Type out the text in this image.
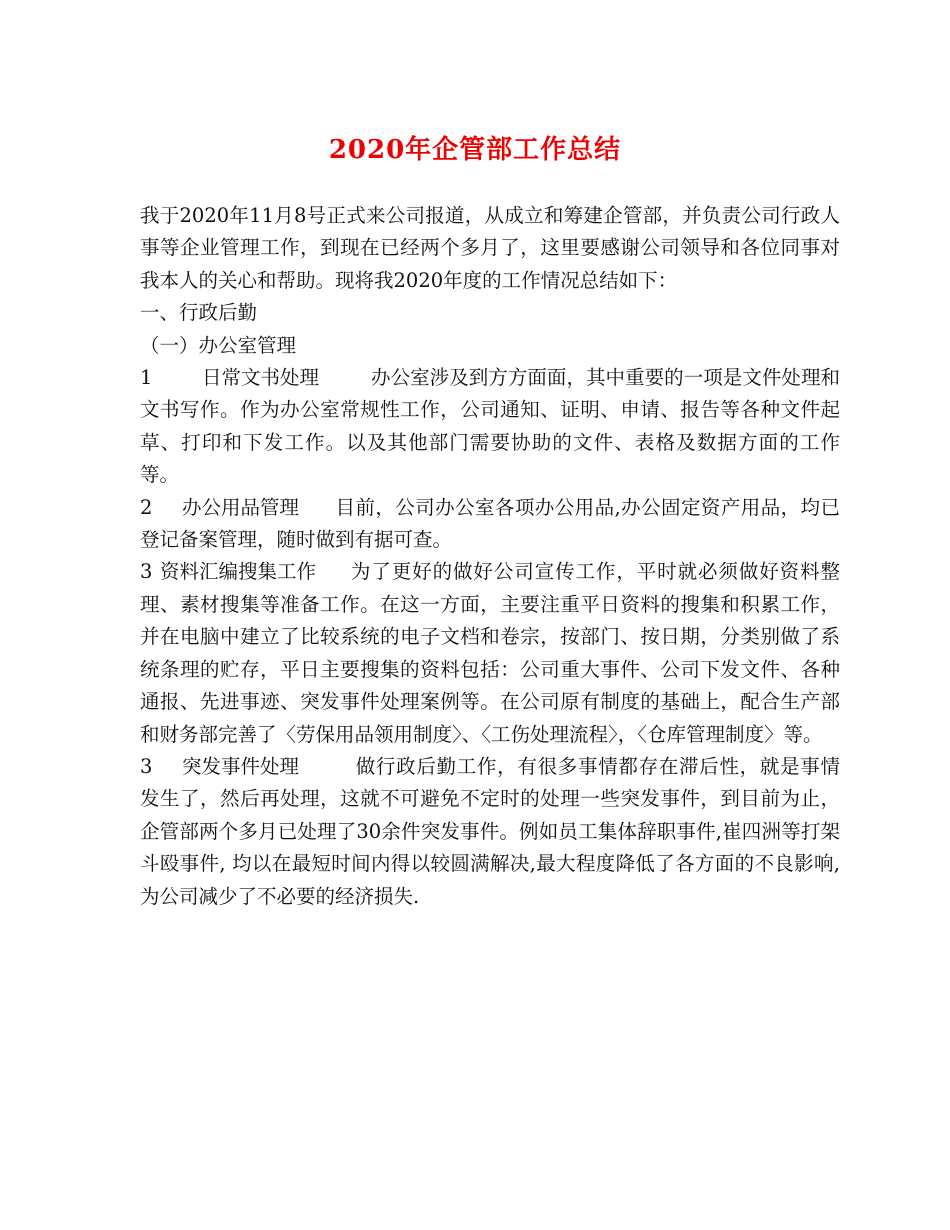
2020年企管部工作总结

我于2020年11月8号正式来公司报道，从成立和筹建企管部，并负责公司行政人事等企业管理工作，到现在已经两个多月了，这里要感谢公司领导和各位同事对我本人的关心和帮助。现将我2020年度的工作情况总结如下：

一、行政后勤

（一）办公室管理

1	日常文书处理	办公室涉及到方方面面，其中重要的一项是文件处理和文书写作。作为办公室常规性工作，公司通知、证明、申请、报告等各种文件起草、打印和下发工作。以及其他部门需要协助的文件、表格及数据方面的工作等。

2 办公用品管理 目前，公司办公室各项办公用品,办公固定资产用品，均已登记备案管理，随时做到有据可查。

3 资料汇编搜集工作 为了更好的做好公司宣传工作，平时就必须做好资料整理、素材搜集等准备工作。在这一方面，主要注重平日资料的搜集和积累工作，并在电脑中建立了比较系统的电子文档和卷宗，按部门、按日期，分类别做了系统条理的贮存，平日主要搜集的资料包括：公司重大事件、公司下发文件、各种通报、先进事迹、突发事件处理案例等。在公司原有制度的基础上，配合生产部和财务部完善了〈劳保用品领用制度〉、〈工伤处理流程〉，〈仓库管理制度〉等。

3 突发事件处理	做行政后勤工作，有很多事情都存在滞后性，就是事情发生了，然后再处理，这就不可避免不定时的处理一些突发事件，到目前为止，企管部两个多月已处理了30余件突发事件。例如员工集体辞职事件,崔四洲等打架斗殴事件, 均以在最短时间内得以较圆满解决,最大程度降低了各方面的不良影响,为公司减少了不必要的经济损失.
